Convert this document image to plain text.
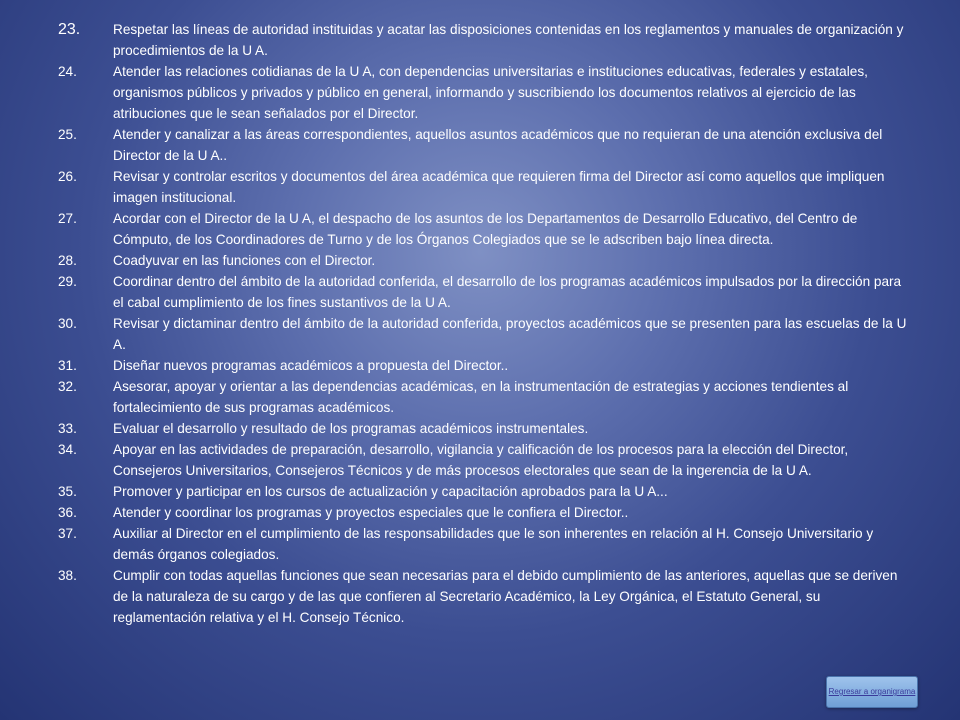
23.	Respetar las líneas de autoridad instituidas y acatar las disposiciones contenidas en los reglamentos y manuales de organización y procedimientos de la U A.
24.	Atender las relaciones cotidianas de la U A, con dependencias universitarias e instituciones educativas, federales y estatales, organismos públicos y privados y público en general, informando y suscribiendo los documentos relativos al ejercicio de las atribuciones que le sean señalados por el Director.
25.	Atender y canalizar a las áreas correspondientes, aquellos asuntos académicos que no requieran de una atención exclusiva del Director de la U A..
26.	Revisar y controlar escritos y documentos del área académica que requieren firma del Director así como aquellos que impliquen imagen institucional.
27.	Acordar con el Director de la U A, el despacho de los asuntos de los Departamentos de Desarrollo Educativo, del Centro de Cómputo, de los Coordinadores de Turno y de los Órganos Colegiados que se le adscriben bajo línea directa.
28.	Coadyuvar en las funciones con el Director.
29.	Coordinar dentro del ámbito de la autoridad conferida, el desarrollo de los programas académicos impulsados por la dirección para el cabal cumplimiento de los fines sustantivos de la U A.
30.	Revisar y dictaminar dentro del ámbito de la autoridad conferida, proyectos académicos que se presenten para las escuelas de la U A.
31.	Diseñar nuevos programas académicos a propuesta del Director..
32.	Asesorar, apoyar y orientar a las dependencias académicas, en la instrumentación de estrategias y acciones tendientes al fortalecimiento de sus programas académicos.
33.	Evaluar el desarrollo y resultado de los programas académicos instrumentales.
34.	Apoyar en las actividades de preparación, desarrollo, vigilancia y calificación de los procesos para la elección del Director, Consejeros Universitarios, Consejeros Técnicos y de más procesos electorales que sean de la ingerencia de la U A.
35.	Promover y participar en los cursos de actualización y capacitación aprobados para la U A...
36.	Atender y coordinar los programas y proyectos especiales que le confiera el Director..
37.	Auxiliar al Director en el cumplimiento de las responsabilidades que le son inherentes en relación al H. Consejo Universitario y demás órganos colegiados.
38.	Cumplir con todas aquellas funciones que sean necesarias para el debido cumplimiento de las anteriores, aquellas que se deriven de la naturaleza de su cargo y de las que confieren al Secretario Académico, la Ley Orgánica, el Estatuto General, su reglamentación relativa y el H. Consejo Técnico.
Regresar a organigrama
